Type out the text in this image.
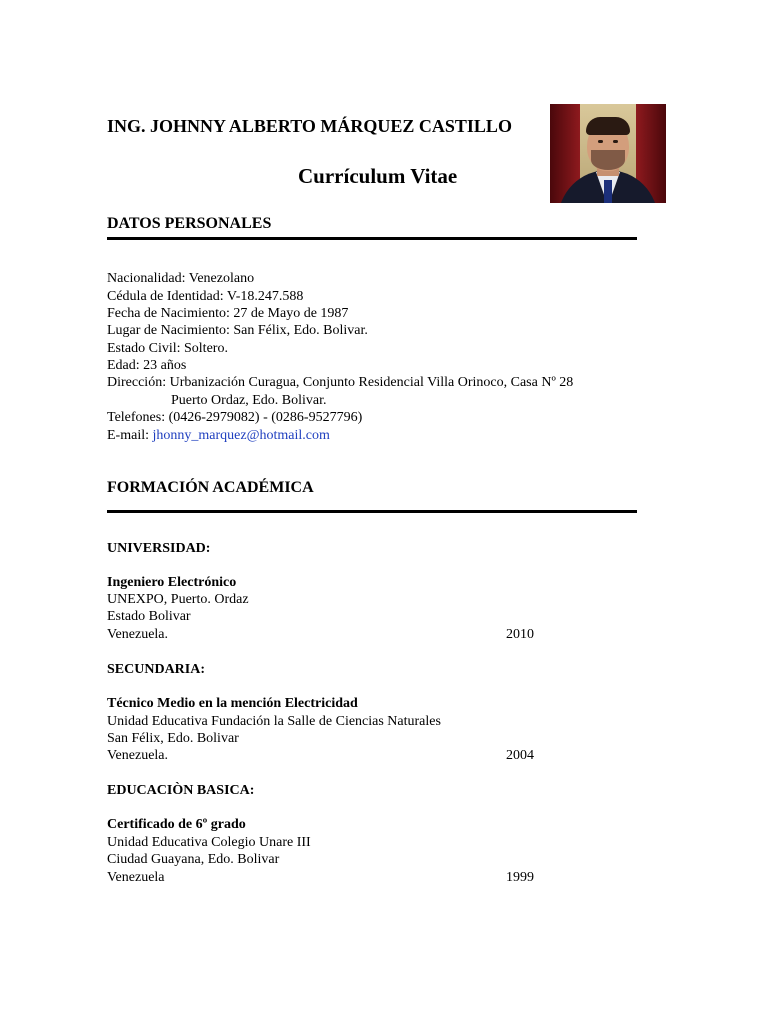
ING. JOHNNY ALBERTO MÁRQUEZ CASTILLO
Currículum Vitae
DATOS PERSONALES
Nacionalidad: Venezolano
Cédula de Identidad: V-18.247.588
Fecha de Nacimiento: 27 de Mayo de 1987
Lugar de Nacimiento: San Félix, Edo. Bolivar.
Estado Civil: Soltero.
Edad: 23 años
Dirección: Urbanización Curagua, Conjunto Residencial Villa Orinoco, Casa Nº 28
Puerto Ordaz, Edo. Bolivar.
Telefones: (0426-2979082) - (0286-9527796)
E-mail: jhonny_marquez@hotmail.com
FORMACIÓN ACADÉMICA
UNIVERSIDAD:
Ingeniero Electrónico
UNEXPO, Puerto. Ordaz
Estado Bolivar
Venezuela.	2010
SECUNDARIA:
Técnico Medio en la mención Electricidad
Unidad Educativa Fundación la Salle de Ciencias Naturales
San Félix, Edo. Bolivar
Venezuela.	2004
EDUCACIÒN BASICA:
Certificado de 6º grado
Unidad Educativa Colegio Unare III
Ciudad Guayana, Edo. Bolivar
Venezuela	1999
